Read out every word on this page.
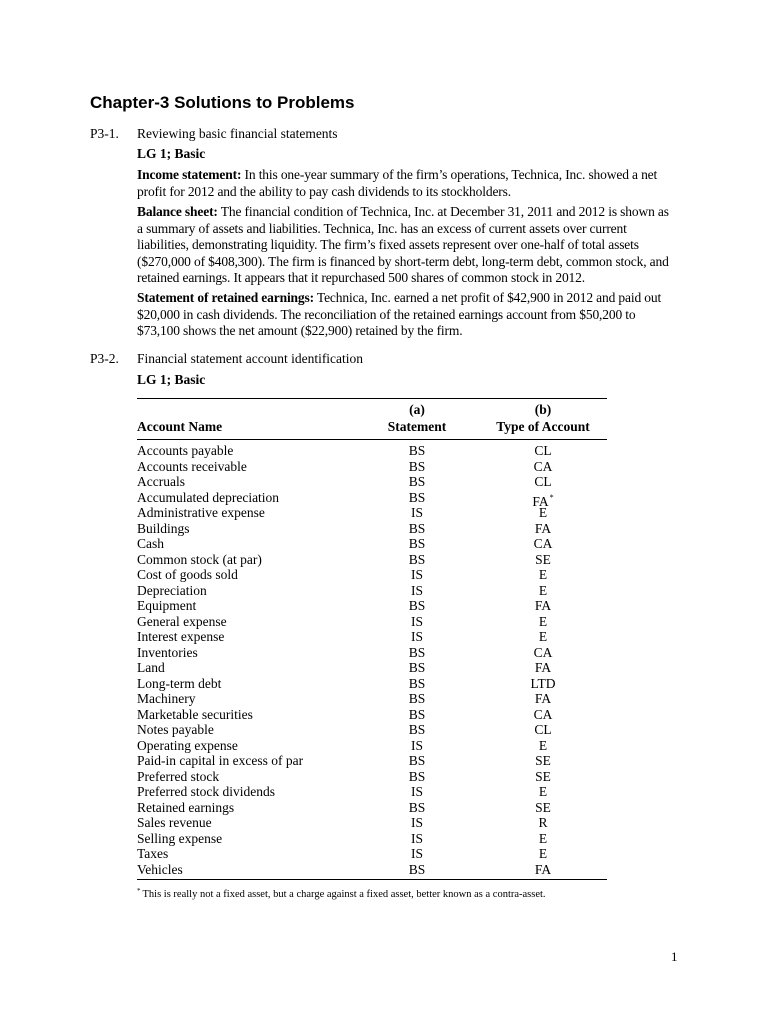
Chapter-3 Solutions to Problems
P3-1. Reviewing basic financial statements
LG 1; Basic

Income statement: In this one-year summary of the firm’s operations, Technica, Inc. showed a net profit for 2012 and the ability to pay cash dividends to its stockholders.

Balance sheet: The financial condition of Technica, Inc. at December 31, 2011 and 2012 is shown as a summary of assets and liabilities. Technica, Inc. has an excess of current assets over current liabilities, demonstrating liquidity. The firm’s fixed assets represent over one-half of total assets ($270,000 of $408,300). The firm is financed by short-term debt, long-term debt, common stock, and retained earnings. It appears that it repurchased 500 shares of common stock in 2012.

Statement of retained earnings: Technica, Inc. earned a net profit of $42,900 in 2012 and paid out $20,000 in cash dividends. The reconciliation of the retained earnings account from $50,200 to $73,100 shows the net amount ($22,900) retained by the firm.

P3-2. Financial statement account identification
LG 1; Basic
(a)	(b)
Account Name	Statement	Type of Account
Accounts payable	BS	CL
Accounts receivable	BS	CA
Accruals	BS	CL
Accumulated depreciation	BS	FA*
Administrative expense	IS	E
Buildings	BS	FA
Cash	BS	CA
Common stock (at par)	BS	SE
Cost of goods sold	IS	E
Depreciation	IS	E
Equipment	BS	FA
General expense	IS	E
Interest expense	IS	E
Inventories	BS	CA
Land	BS	FA
Long-term debt	BS	LTD
Machinery	BS	FA
Marketable securities	BS	CA
Notes payable	BS	CL
Operating expense	IS	E
Paid-in capital in excess of par	BS	SE
Preferred stock	BS	SE
Preferred stock dividends	IS	E
Retained earnings	BS	SE
Sales revenue	IS	R
Selling expense	IS	E
Taxes	IS	E
Vehicles	BS	FA
* This is really not a fixed asset, but a charge against a fixed asset, better known as a contra-asset.
1
